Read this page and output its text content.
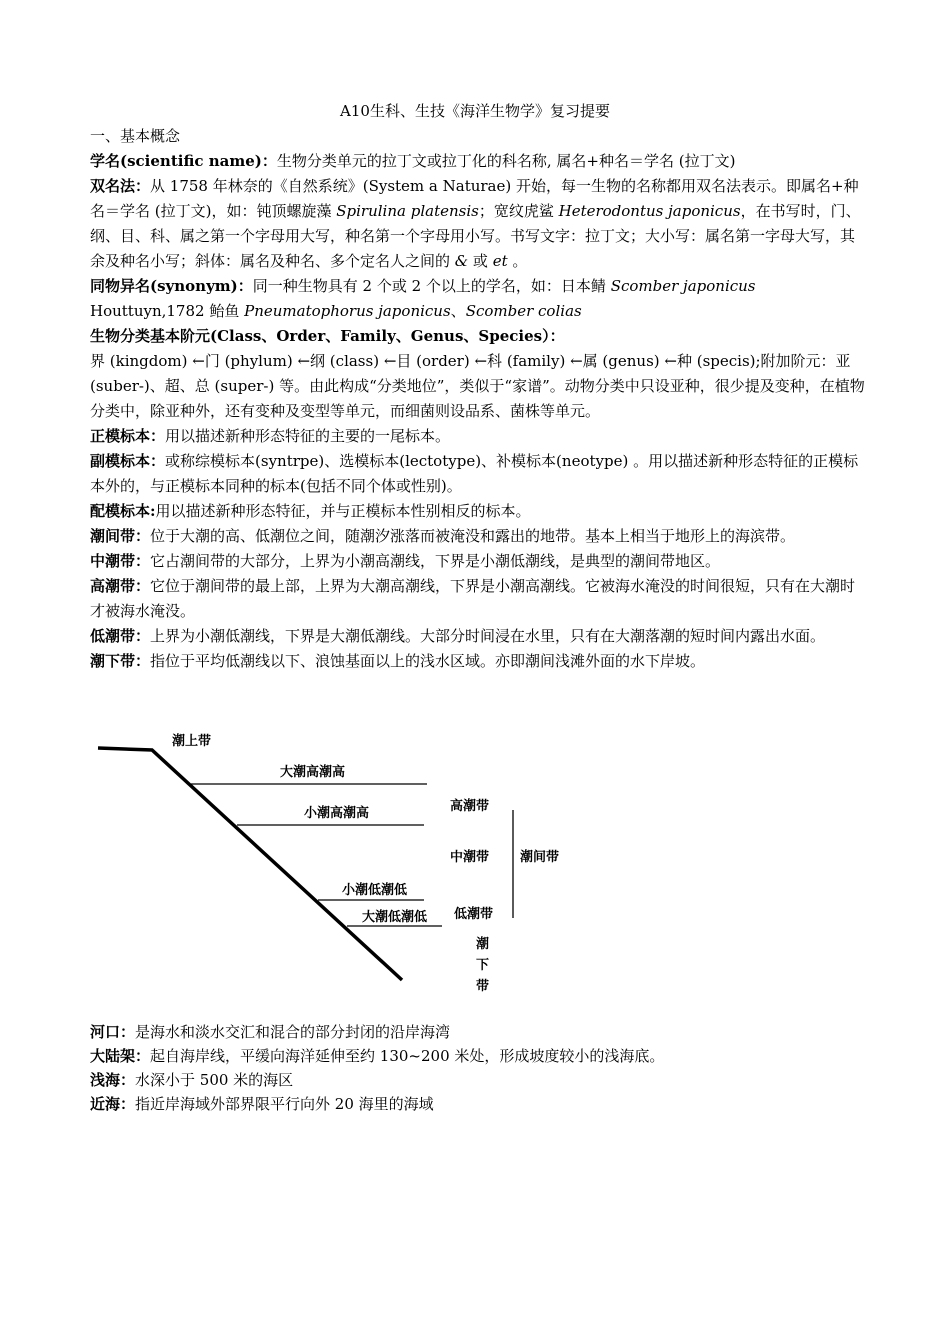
A10生科、生技《海洋生物学》复习提要

一、基本概念

学名(scientific name)：生物分类单元的拉丁文或拉丁化的科名称, 属名+种名＝学名 (拉丁文)

双名法：从 1758 年林奈的《自然系统》(System a Naturae) 开始，每一生物的名称都用双名法表示。即属名+种名＝学名 (拉丁文)，如：钝顶螺旋藻 Spirulina platensis；宽纹虎鲨 Heterodontus japonicus，在书写时，门、纲、目、科、属之第一个字母用大写，种名第一个字母用小写。书写文字：拉丁文；大小写：属名第一字母大写，其余及种名小写；斜体：属名及种名、多个定名人之间的 & 或 et 。

同物异名(synonym)：同一种生物具有 2 个或 2 个以上的学名，如：日本鲭 Scomber japonicus Houttuyn,1782 鲐鱼 Pneumatophorus japonicus、Scomber colias

生物分类基本阶元(Class、Order、Family、Genus、Species）：

界 (kingdom) ←门 (phylum) ←纲 (class) ←目 (order) ←科 (family) ←属 (genus) ←种 (specis);附加阶元：亚 (suber-)、超、总 (super-) 等。由此构成“分类地位”，类似于“家谱”。动物分类中只设亚种，很少提及变种，在植物分类中，除亚种外，还有变种及变型等单元，而细菌则设品系、菌株等单元。

正模标本：用以描述新种形态特征的主要的一尾标本。

副模标本：或称综模标本(syntrpe)、选模标本(lectotype)、补模标本(neotype) 。用以描述新种形态特征的正模标本外的，与正模标本同种的标本(包括不同个体或性别)。

配模标本:用以描述新种形态特征，并与正模标本性别相反的标本。

潮间带：位于大潮的高、低潮位之间，随潮汐涨落而被淹没和露出的地带。基本上相当于地形上的海滨带。

中潮带：它占潮间带的大部分，上界为小潮高潮线，下界是小潮低潮线，是典型的潮间带地区。

高潮带：它位于潮间带的最上部，上界为大潮高潮线，下界是小潮高潮线。它被海水淹没的时间很短，只有在大潮时才被海水淹没。

低潮带：上界为小潮低潮线，下界是大潮低潮线。大部分时间浸在水里，只有在大潮落潮的短时间内露出水面。

潮下带：指位于平均低潮线以下、浪蚀基面以上的浅水区域。亦即潮间浅滩外面的水下岸坡。

潮上带
大潮高潮高
小潮高潮高
小潮低潮低
大潮低潮低
高潮带
中潮带
低潮带
潮间带
潮
下
带

河口：是海水和淡水交汇和混合的部分封闭的沿岸海湾

大陆架：起自海岸线，平缓向海洋延伸至约 130~200 米处，形成坡度较小的浅海底。

浅海：水深小于 500 米的海区

近海：指近岸海域外部界限平行向外 20 海里的海域
